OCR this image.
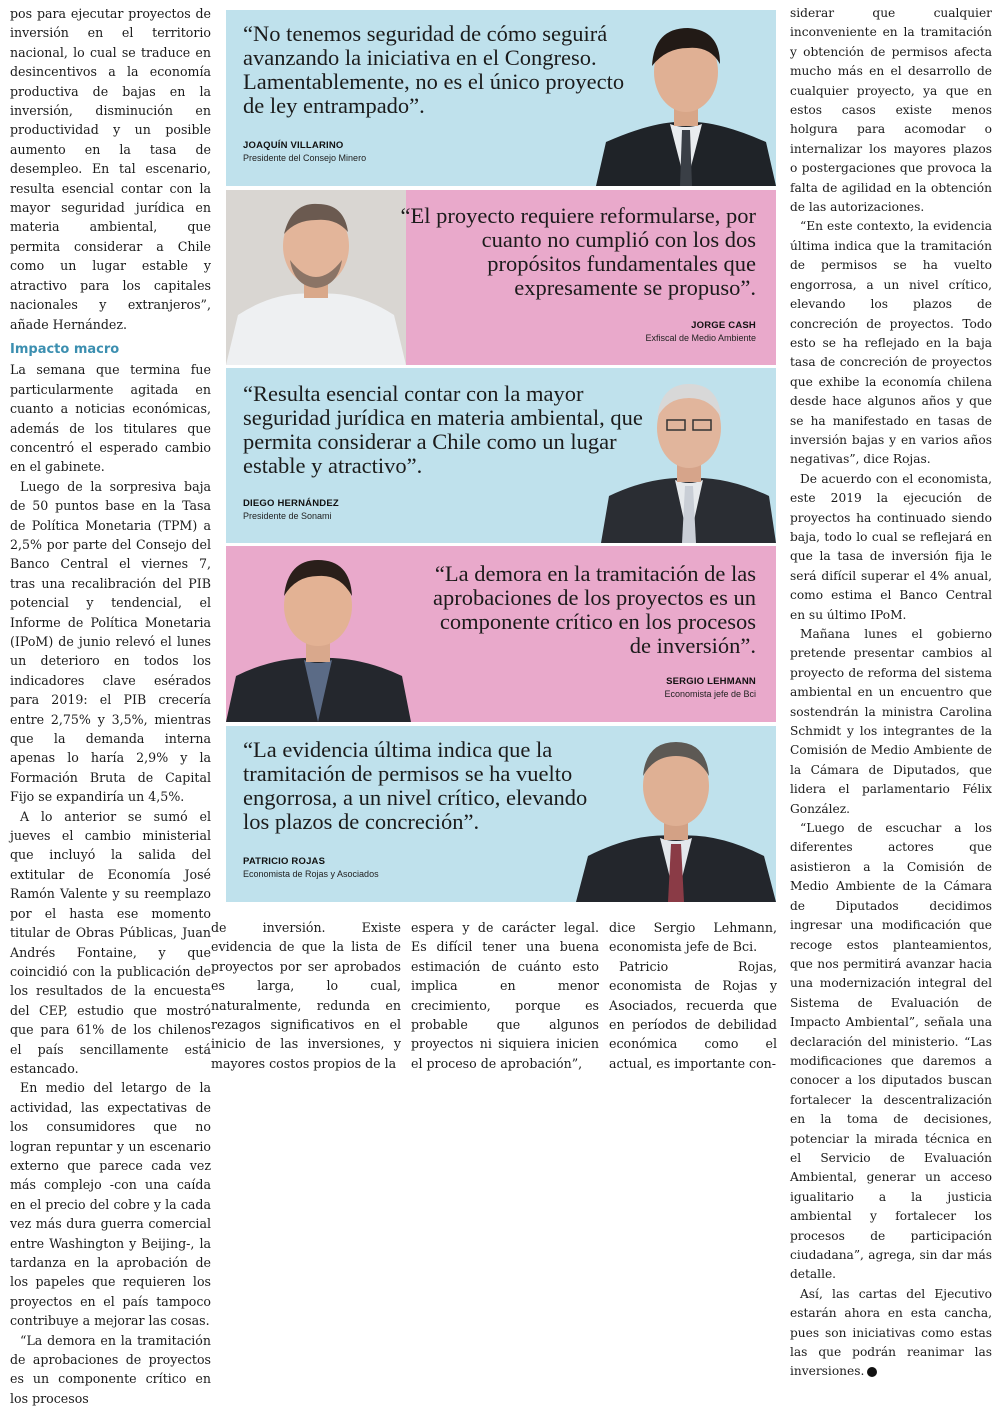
pos para ejecutar proyectos de inversión en el territorio nacional, lo cual se traduce en desincentivos a la economía productiva de bajas en la inversión, disminución en productividad y un posible aumento en la tasa de desempleo. En tal escenario, resulta esencial contar con la mayor seguridad jurídica en materia ambiental, que permita considerar a Chile como un lugar estable y atractivo para los capitales nacionales y extranjeros”, añade Hernández.

Impacto macro

La semana que termina fue particularmente agitada en cuanto a noticias económicas, además de los titulares que concentró el esperado cambio en el gabinete.

Luego de la sorpresiva baja de 50 puntos base en la Tasa de Política Monetaria (TPM) a 2,5% por parte del Consejo del Banco Central el viernes 7, tras una recalibración del PIB potencial y tendencial, el Informe de Política Monetaria (IPoM) de junio relevó el lunes un deterioro en todos los indicadores clave esérados para 2019: el PIB crecería entre 2,75% y 3,5%, mientras que la demanda interna apenas lo haría 2,9% y la Formación Bruta de Capital Fijo se expandiría un 4,5%.

A lo anterior se sumó el jueves el cambio ministerial que incluyó la salida del extitular de Economía José Ramón Valente y su reemplazo por el hasta ese momento titular de Obras Públicas, Juan Andrés Fontaine, y que coincidió con la publicación de los resultados de la encuesta del CEP, estudio que mostró que para 61% de los chilenos el país sencillamente está estancado.

En medio del letargo de la actividad, las expectativas de los consumidores que no logran repuntar y un escenario externo que parece cada vez más complejo -con una caída en el precio del cobre y la cada vez más dura guerra comercial entre Washington y Beijing-, la tardanza en la aprobación de los papeles que requieren los proyectos en el país tampoco contribuye a mejorar las cosas.

“La demora en la tramitación de aprobaciones de proyectos es un componente crítico en los procesos

siderar que cualquier inconveniente en la tramitación y obtención de permisos afecta mucho más en el desarrollo de cualquier proyecto, ya que en estos casos existe menos holgura para acomodar o internalizar los mayores plazos o postergaciones que provoca la falta de agilidad en la obtención de las autorizaciones.

“En este contexto, la evidencia última indica que la tramitación de permisos se ha vuelto engorrosa, a un nivel crítico, elevando los plazos de concreción de proyectos. Todo esto se ha reflejado en la baja tasa de concreción de proyectos que exhibe la economía chilena desde hace algunos años y que se ha manifestado en tasas de inversión bajas y en varios años negativas”, dice Rojas.

De acuerdo con el economista, este 2019 la ejecución de proyectos ha continuado siendo baja, todo lo cual se reflejará en que la tasa de inversión fija le será difícil superar el 4% anual, como estima el Banco Central en su último IPoM.

Mañana lunes el gobierno pretende presentar cambios al proyecto de reforma del sistema ambiental en un encuentro que sostendrán la ministra Carolina Schmidt y los integrantes de la Comisión de Medio Ambiente de la Cámara de Diputados, que lidera el parlamentario Félix González.

“Luego de escuchar a los diferentes actores que asistieron a la Comisión de Medio Ambiente de la Cámara de Diputados decidimos ingresar una modificación que recoge estos planteamientos, que nos permitirá avanzar hacia una modernización integral del Sistema de Evaluación de Impacto Ambiental”, señala una declaración del ministerio. “Las modificaciones que daremos a conocer a los diputados buscan fortalecer la descentralización en la toma de decisiones, potenciar la mirada técnica en el Servicio de Evaluación Ambiental, generar un acceso igualitario a la justicia ambiental y fortalecer los procesos de participación ciudadana”, agrega, sin dar más detalle.

Así, las cartas del Ejecutivo estarán ahora en esta cancha, pues son iniciativas como estas las que podrán reanimar las inversiones.

“No tenemos seguridad de cómo seguirá avanzando la iniciativa en el Congreso. Lamentablemente, no es el único proyecto de ley entrampado”.
JOAQUÍN VILLARINO
Presidente del Consejo Minero
“El proyecto requiere reformularse, por cuanto no cumplió con los dos propósitos fundamentales que expresamente se propuso”.
JORGE CASH
Exfiscal de Medio Ambiente
“Resulta esencial contar con la mayor seguridad jurídica en materia ambiental, que permita considerar a Chile como un lugar estable y atractivo”.
DIEGO HERNÁNDEZ
Presidente de Sonami
“La demora en la tramitación de las aprobaciones de los proyectos es un componente crítico en los procesos de inversión”.
SERGIO LEHMANN
Economista jefe de Bci
“La evidencia última indica que la tramitación de permisos se ha vuelto engorrosa, a un nivel crítico, elevando los plazos de concreción”.
PATRICIO ROJAS
Economista de Rojas y Asociados

de inversión. Existe evidencia de que la lista de proyectos por ser aprobados es larga, lo cual, naturalmente, redunda en rezagos significativos en el inicio de las inversiones, y mayores costos propios de la

espera y de carácter legal. Es difícil tener una buena estimación de cuánto esto implica en menor crecimiento, porque es probable que algunos proyectos ni siquiera inicien el proceso de aprobación”,

dice Sergio Lehmann, economista jefe de Bci.

Patricio Rojas, economista de Rojas y Asociados, recuerda que en períodos de debilidad económica como el actual, es importante con-
